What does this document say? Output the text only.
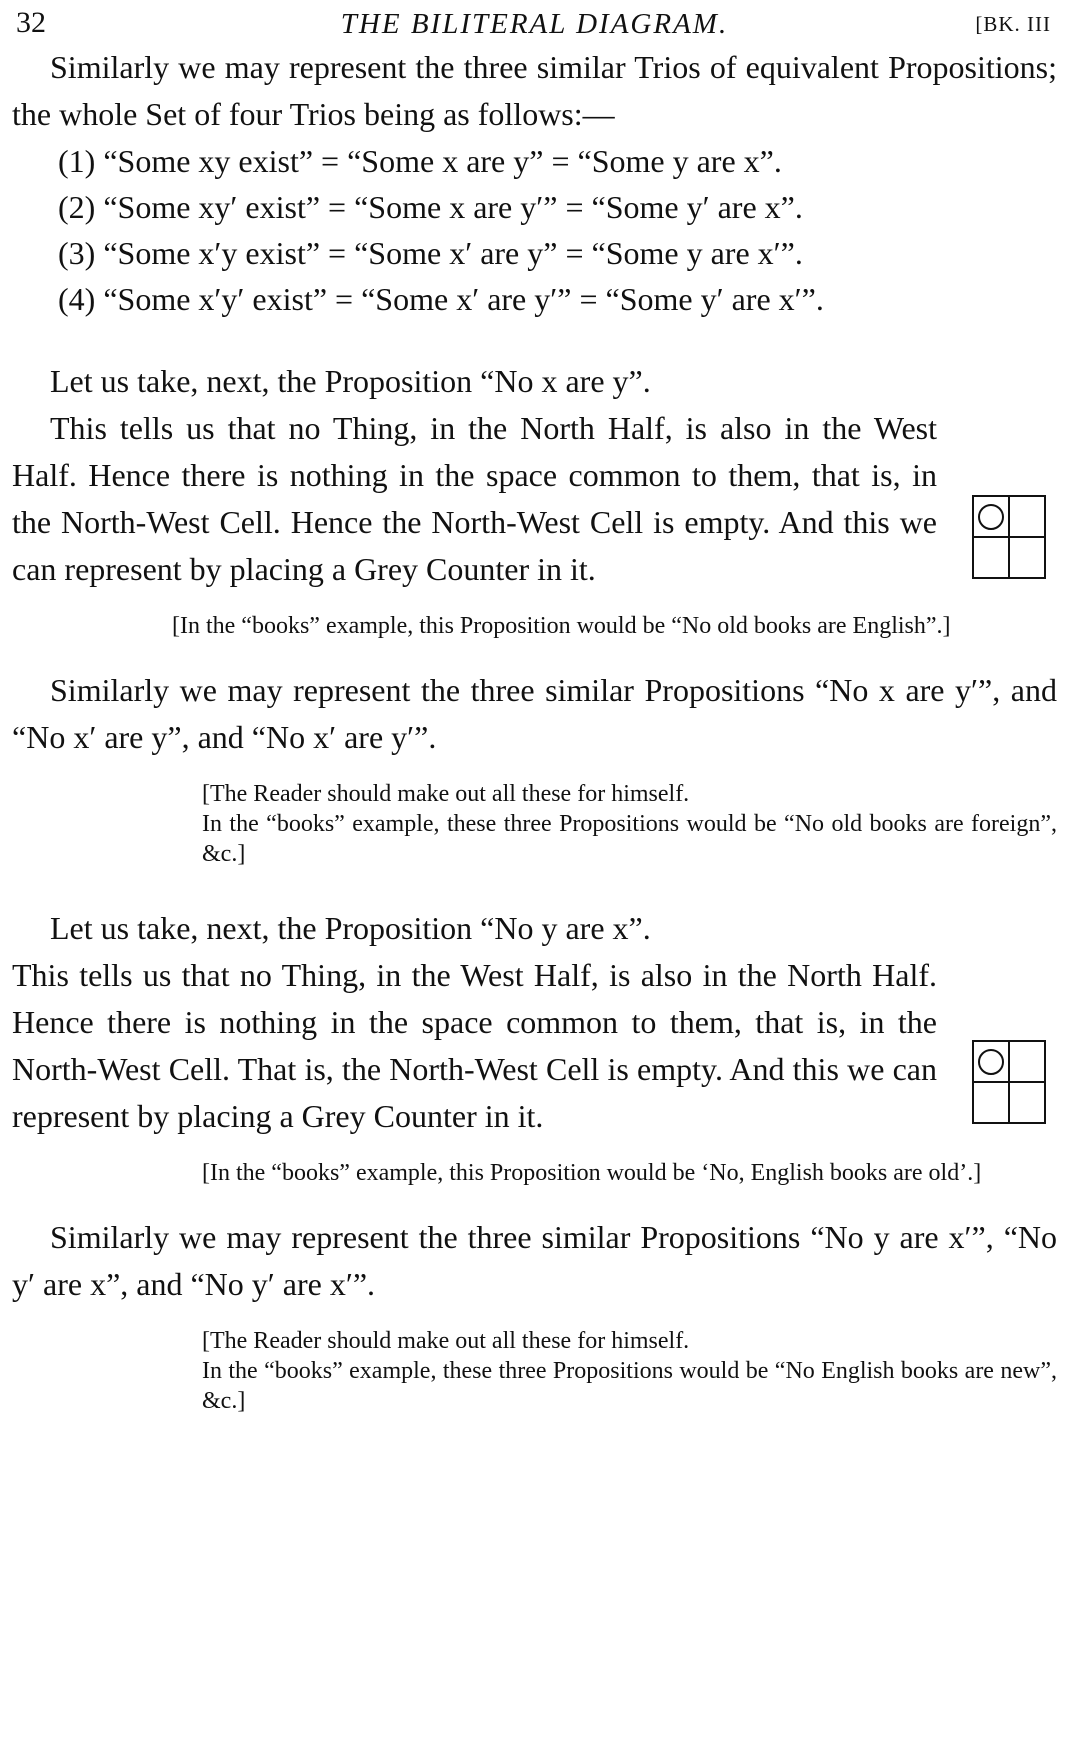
32	THE BILITERAL DIAGRAM.	[BK. III

Similarly we may represent the three similar Trios of equivalent Propositions; the whole Set of four Trios being as follows:—

(1) “Some xy exist” = “Some x are y” = “Some y are x”.
(2) “Some xy′ exist” = “Some x are y′” = “Some y′ are x”.
(3) “Some x′y exist” = “Some x′ are y” = “Some y are x′”.
(4) “Some x′y′ exist” = “Some x′ are y′” = “Some y′ are x′”.

Let us take, next, the Proposition “No x are y”.

This tells us that no Thing, in the North Half, is also in the West Half. Hence there is nothing in the space common to them, that is, in the North-West Cell. Hence the North-West Cell is empty. And this we can represent by placing a Grey Counter in it.

[In the “books” example, this Proposition would be “No old books are English”.]

Similarly we may represent the three similar Propositions “No x are y′”, and “No x′ are y”, and “No x′ are y′”.

[The Reader should make out all these for himself.
In the “books” example, these three Propositions would be “No old books are foreign”, &c.]

Let us take, next, the Proposition “No y are x”.

This tells us that no Thing, in the West Half, is also in the North Half. Hence there is nothing in the space common to them, that is, in the North-West Cell. That is, the North-West Cell is empty. And this we can represent by placing a Grey Counter in it.

[In the “books” example, this Proposition would be ‘No, English books are old’.]

Similarly we may represent the three similar Propositions “No y are x′”, “No y′ are x”, and “No y′ are x′”.

[The Reader should make out all these for himself.
In the “books” example, these three Propositions would be “No English books are new”, &c.]
